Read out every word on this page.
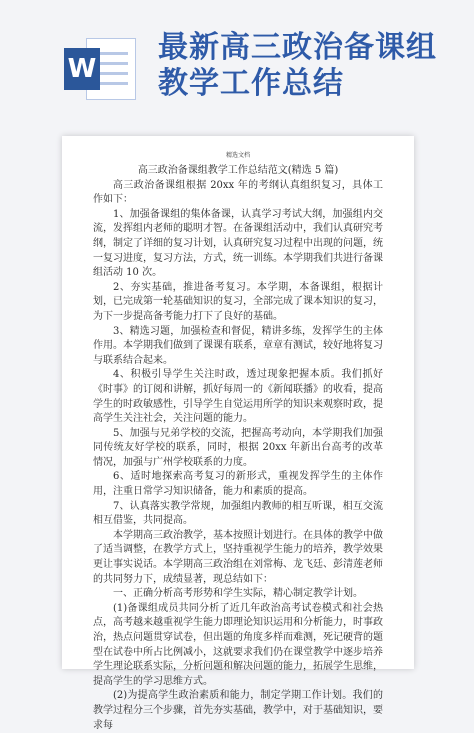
W
最新高三政治备课组教学工作总结
精选文档

高三政治备课组教学工作总结范文(精选 5 篇)

高三政治备课组根据 20xx 年的考纲认真组织复习，具体工作如下：

1、加强备课组的集体备课，认真学习考试大纲，加强组内交流，发挥组内老师的聪明才智。在备课组活动中，我们认真研究考纲，制定了详细的复习计划，认真研究复习过程中出现的问题，统一复习进度，复习方法，方式，统一训练。本学期我们共进行备课组活动 10 次。

2、夯实基础，推进备考复习。本学期，本备课组，根据计划，已完成第一轮基础知识的复习，全部完成了课本知识的复习，为下一步提高备考能力打下了良好的基础。

3、精选习题，加强检查和督促，精讲多练，发挥学生的主体作用。本学期我们做到了课课有联系，章章有测试，较好地将复习与联系结合起来。

4、积极引导学生关注时政，透过现象把握本质。我们抓好《时事》的订阅和讲解，抓好每周一的《新闻联播》的收看，提高学生的时政敏感性，引导学生自觉运用所学的知识来观察时政，提高学生关注社会，关注问题的能力。

5、加强与兄弟学校的交流，把握高考动向，本学期我们加强同传统友好学校的联系，同时，根据 20xx 年新出台高考的改革情况，加强与广州学校联系的力度。

6、适时地探索高考复习的新形式，重视发挥学生的主体作用，注重日常学习知识储备，能力和素质的提高。

7、认真落实教学常规，加强组内教师的相互听课，相互交流相互借鉴，共同提高。

本学期高三政治教学，基本按照计划进行。在具体的教学中做了适当调整，在教学方式上，坚持重视学生能力的培养，教学效果更让事实说话。本学期高三政治组在刘常梅、龙飞廷、彭清莲老师的共同努力下，成绩显著，现总结如下：

一、正确分析高考形势和学生实际，精心制定教学计划。

(1)备课组成员共同分析了近几年政治高考试卷模式和社会热点，高考越来越重视学生能力即理论知识运用和分析能力，时事政治，热点问题贯穿试卷，但出题的角度多样而难测，死记硬背的题型在试卷中所占比例减小，这就要求我们仍在课堂教学中逐步培养学生理论联系实际，分析问题和解决问题的能力，拓展学生思维，提高学生的学习思维方式。

(2)为提高学生政治素质和能力，制定学期工作计划。我们的教学过程分三个步骤，首先夯实基础，教学中，对于基础知识，要求每
